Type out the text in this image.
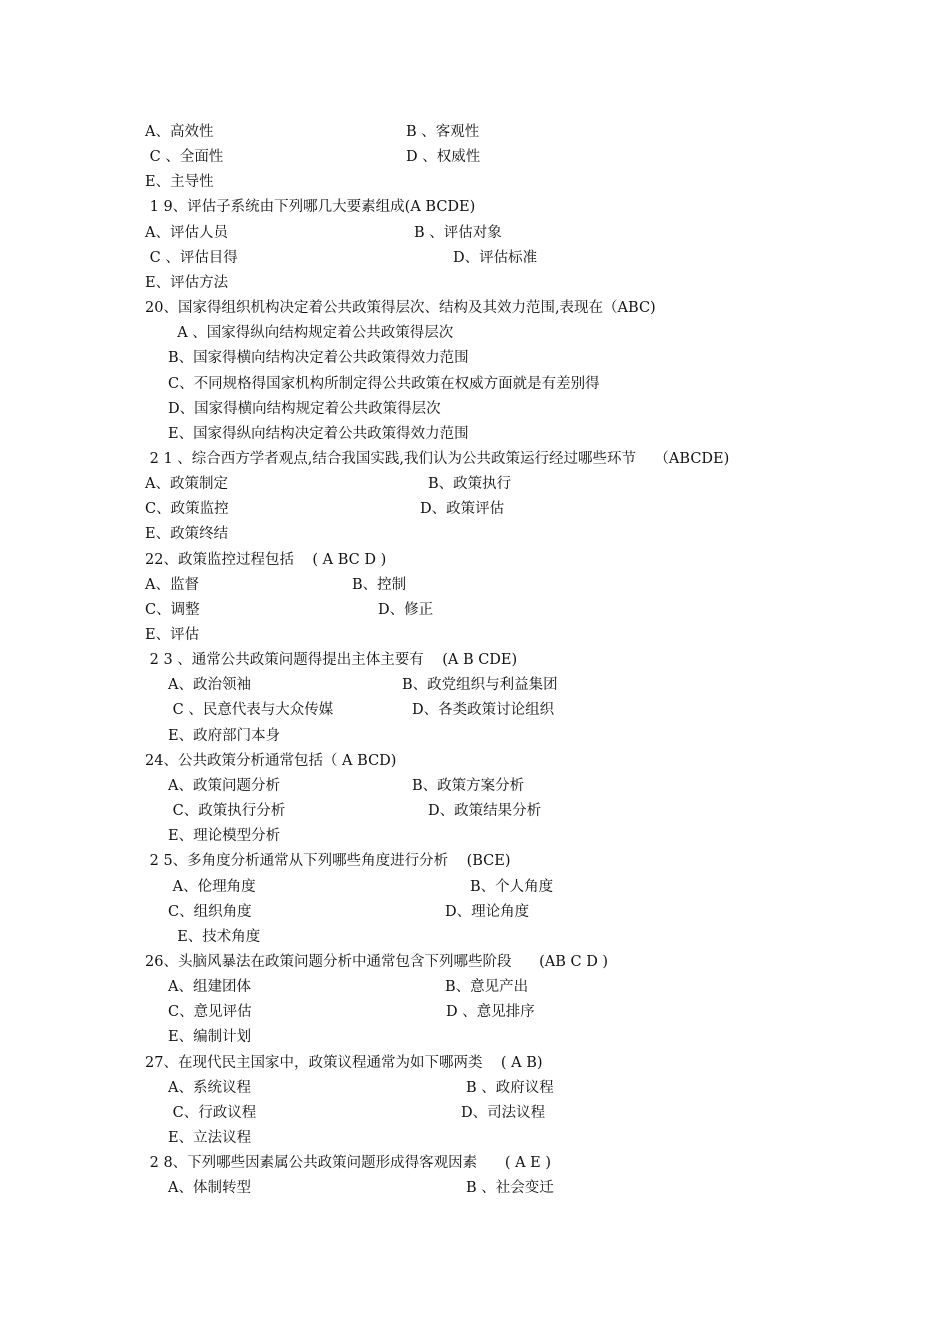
A、高效性	B 、客观性
C 、全面性	D 、权威性
E、主导性
1 9、评估子系统由下列哪几大要素组成(A BCDE)
A、评估人员	B 、评估对象
C 、评估目得	D、评估标准
E、评估方法
20、国家得组织机构决定着公共政策得层次、结构及其效力范围,表现在（ABC)
A 、国家得纵向结构规定着公共政策得层次
B、国家得横向结构决定着公共政策得效力范围
C、不同规格得国家机构所制定得公共政策在权威方面就是有差别得
D、国家得横向结构规定着公共政策得层次
E、国家得纵向结构决定着公共政策得效力范围
2 1 、综合西方学者观点,结合我国实践,我们认为公共政策运行经过哪些环节    （ABCDE)
A、政策制定	B、政策执行
C、政策监控	D、政策评估
E、政策终结
22、政策监控过程包括    ( A BC D )
A、监督	B、控制
C、调整	D、修正
E、评估
2 3 、通常公共政策问题得提出主体主要有    (A B CDE)
A、政治领袖	B、政党组织与利益集团
C 、民意代表与大众传媒	D、各类政策讨论组织
E、政府部门本身
24、公共政策分析通常包括（ A BCD)
A、政策问题分析	B、政策方案分析
C、政策执行分析	D、政策结果分析
E、理论模型分析
2 5、多角度分析通常从下列哪些角度进行分析    (BCE)
A、伦理角度	B、个人角度
C、组织角度	D、理论角度
E、技术角度
26、头脑风暴法在政策问题分析中通常包含下列哪些阶段      (AB C D )
A、组建团体	B、意见产出
C、意见评估	D 、意见排序
E、编制计划
27、在现代民主国家中，政策议程通常为如下哪两类    ( A B)
A、系统议程	B 、政府议程
C、行政议程	D、司法议程
E、立法议程
2 8、下列哪些因素属公共政策问题形成得客观因素      ( A E )
A、体制转型	B 、社会变迁
